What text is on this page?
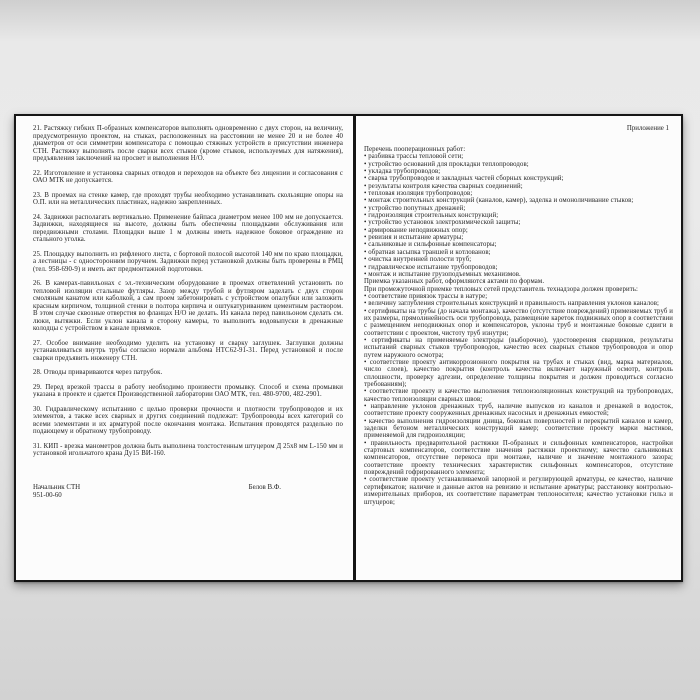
21. Растяжку гибких П-образных компенсаторов выполнять одновременно с двух сторон, на величину, предусмотренную проектом, на стыках, расположенных на расстоянии не менее 20 и не более 40 диаметров от оси симметрии компенсатора с помощью стяжных устройств в присутствии инженера СТН. Растяжку выполнять после сварки всех стыков (кроме стыков, используемых для натяжения), предъявления заключений на просвет и выполнения Н/О.

22. Изготовление и установка сварных отводов и переходов на объекте без лицензии и согласования с ОАО МТК не допускается.

23. В проемах на стенке камер, где проходят трубы необходимо устанавливать скользящие опоры на О.П. или на металлических пластинах, надежно закрепленных.

24. Задвижки располагать вертикально. Применение байпаса диаметром менее 100 мм не допускается. Задвижки, находящиеся на высоте, должны быть обеспечены площадками обслуживания или передвижными столами. Площадки выше 1 м должны иметь надежное боковое ограждение из стального уголка.

25. Площадку выполнить из рифленого листа, с бортовой полосой высотой 140 мм по краю площадки, а лестницы - с односторонним поручнем. Задвижки перед установкой должны быть проверены в РМЦ (тел. 958-690-9) и иметь акт предмонтажной подготовки.

26. В камерах-павильонах с эл.-техническим оборудование в проемах ответвлений установить по тепловой изоляции стальные футляры. Зазор между трубой и футляром заделать с двух сторон смоляным канатом или каболкой, а сам проем забетонировать с устройством опалубки или заложить красным кирпичом, толщиной стенки в полтора кирпича и оштукатуриванием цементным раствором. В этом случае сквозные отверстия во фланцах Н/О не делать. Из канала перед павильоном сделать см. люки, вытяжки. Если уклон канала в сторону камеры, то выполнить водовыпуски в дренажные колодцы с устройством в канале приямков.

27. Особое внимание необходимо уделить на установку и сварку заглушек. Заглушки должны устанавливаться внутрь трубы согласно нормали альбома НТС62-91-31. Перед установкой и после сварки предъявить инженеру СТН.

28. Отводы привариваются через патрубок.

29. Перед врезкой трассы в работу необходимо произвести промывку. Способ и схема промывки указана в проекте и сдается Производственной лаборатории ОАО МТК, тел. 480-9700, 482-2901.

30. Гидравлическому испытанию с целью проверки прочности и плотности трубопроводов и их элементов, а также всех сварных и других соединений подлежат: Трубопроводы всех категорий со всеми элементами и их арматурой после окончания монтажа. Испытания проводятся раздельно по подающему и обратному трубопроводу.

31. КИП - врезка манометров должна быть выполнена толстостенным штуцером Д 25х8 мм L-150 мм и установкой игольчатого крана Ду15 ВИ-160.

Начальник СТН
951-00-60
Белов В.Ф.
Приложение 1
Перечень пооперационных работ:
• разбивка трассы тепловой сети;
• устройство оснований для прокладки теплопроводов;
• укладка трубопроводов;
• сварка трубопроводов и закладных частей сборных конструкций;
• результаты контроля качества сварных соединений;
• тепловая изоляция трубопроводов;
• монтаж строительных конструкций (каналов, камер), заделка и омоноличивание стыков;
• устройство попутных дренажей;
• гидроизоляция строительных конструкций;
• устройство установок электрохимической защиты;
• армирование неподвижных опор;
• ревизия и испытание арматуры;
• сальниковые и сильфонные компенсаторы;
• обратная засыпка траншей и котлованов;
• очистка внутренней полости труб;
• гидравлическое испытание трубопроводов;
• монтаж и испытание грузоподъемных механизмов.
Приемка указанных работ, оформляются актами по формам.
При промежуточной приемке тепловых сетей представитель технадзора должен проверить:
• соответствие привязок трассы в натуре;
• величину заглубления строительных конструкций и правильность направления уклонов каналов;
• сертификаты на трубы (до начала монтажа), качество (отсутствие повреждений) применяемых труб и их размеры, прямолинейность оси трубопровода, размещение кареток подвижных опор в соответствии с размещением неподвижных опор и компенсаторов, уклоны труб и монтажные боковые сдвиги в соответствии с проектом, чистоту труб изнутри;
• сертификаты на применяемые электроды (выборочно), удостоверения сварщиков, результаты испытаний сварных стыков трубопроводов, качество всех сварных стыков трубопроводов и опор путем наружного осмотра;
• соответствие проекту антикоррозионного покрытия на трубах и стыках (вид, марка материалов, число слоев), качество покрытия (контроль качества включает наружный осмотр, контроль сплошности, проверку адгезии, определение толщины покрытия и должен проводиться согласно требованиям);
• соответствие проекту и качество выполнения теплоизоляционных конструкций на трубопроводах, качество теплоизоляции сварных швов;
• направление уклонов дренажных труб, наличие выпусков из каналов и дренажей в водосток, соответствие проекту сооруженных дренажных насосных и дренажных емкостей;
• качество выполнения гидроизоляции днища, боковых поверхностей и перекрытий каналов и камер, заделки бетоном металлических конструкций камер; соответствие проекту марки мастиков, применяемой для гидроизоляции;
• правильность предварительной растяжки П-образных и сильфонных компенсаторов, настройки стартовых компенсаторов, соответствие значения растяжки проектному; качество сальниковых компенсаторов, отсутствие перекоса при монтаже, наличие и значение монтажного зазора; соответствие проекту технических характеристик сильфонных компенсаторов, отсутствие повреждений гофрированного элемента;
• соответствие проекту устанавливаемой запорной и регулирующей арматуры, ее качество, наличие сертификатов; наличие и данные актов на ревизию и испытание арматуры; расстановку контрольно-измерительных приборов, их соответствие параметрам теплоносителя; качество установки гильз и штуцеров;
